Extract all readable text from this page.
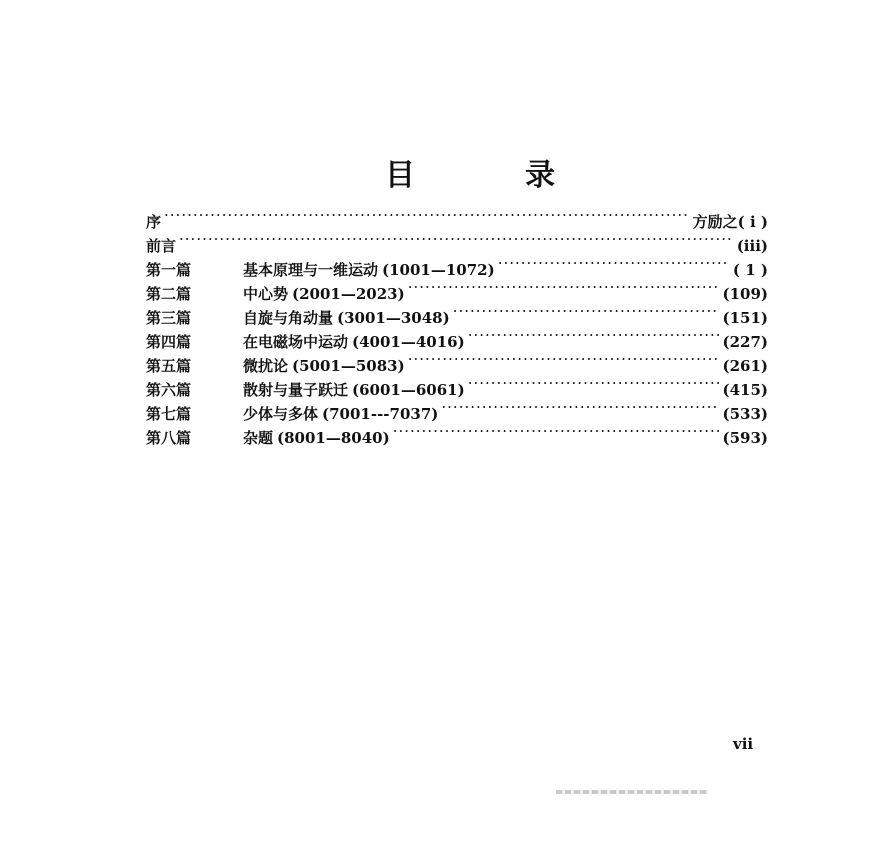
目	录
序 ·····	方励之 ( i )
前言 ·····	(iii)
第一篇	基本原理与一维运动 (1001—1072) ·····	( 1 )
第二篇	中心势 (2001—2023) ·····	(109)
第三篇	自旋与角动量 (3001—3048) ·····	(151)
第四篇	在电磁场中运动 (4001—4016) ·····	(227)
第五篇	微扰论 (5001—5083) ·····	(261)
第六篇	散射与量子跃迁 (6001—6061) ·····	(415)
第七篇	少体与多体 (7001---7037) ·····	(533)
第八篇	杂题 (8001—8040) ·····	(593)
vii
